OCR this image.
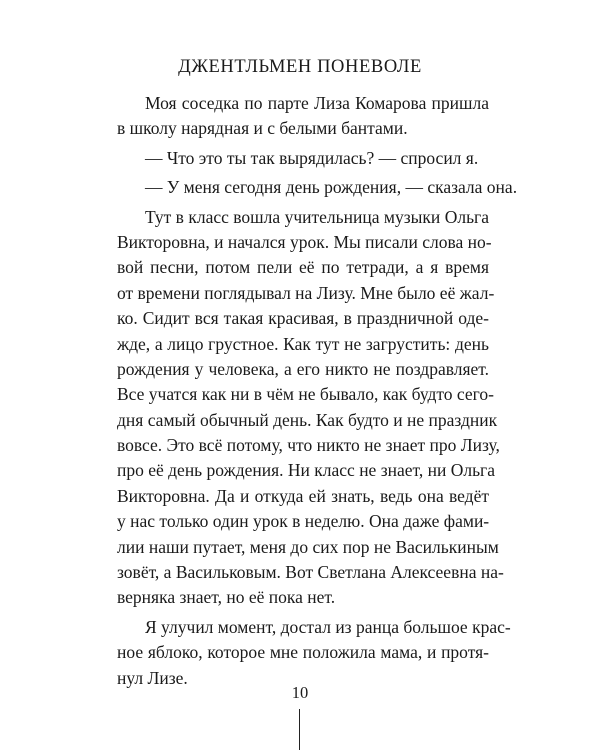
ДЖЕНТЛЬМЕН ПОНЕВОЛЕ
Моя соседка по парте Лиза Комарова пришла
в школу нарядная и с белыми бантами.
— Что это ты так вырядилась? — спросил я.
— У меня сегодня день рождения, — сказала она.
Тут в класс вошла учительница музыки Ольга
Викторовна, и начался урок. Мы писали слова но-
вой песни, потом пели её по тетради, а я время
от времени поглядывал на Лизу. Мне было её жал-
ко. Сидит вся такая красивая, в праздничной оде-
жде, а лицо грустное. Как тут не загрустить: день
рождения у человека, а его никто не поздравляет.
Все учатся как ни в чём не бывало, как будто сего-
дня самый обычный день. Как будто и не праздник
вовсе. Это всё потому, что никто не знает про Лизу,
про её день рождения. Ни класс не знает, ни Ольга
Викторовна. Да и откуда ей знать, ведь она ведёт
у нас только один урок в неделю. Она даже фами-
лии наши путает, меня до сих пор не Василькиным
зовёт, а Васильковым. Вот Светлана Алексеевна на-
верняка знает, но её пока нет.
Я улучил момент, достал из ранца большое крас-
ное яблоко, которое мне положила мама, и протя-
нул Лизе.
10
